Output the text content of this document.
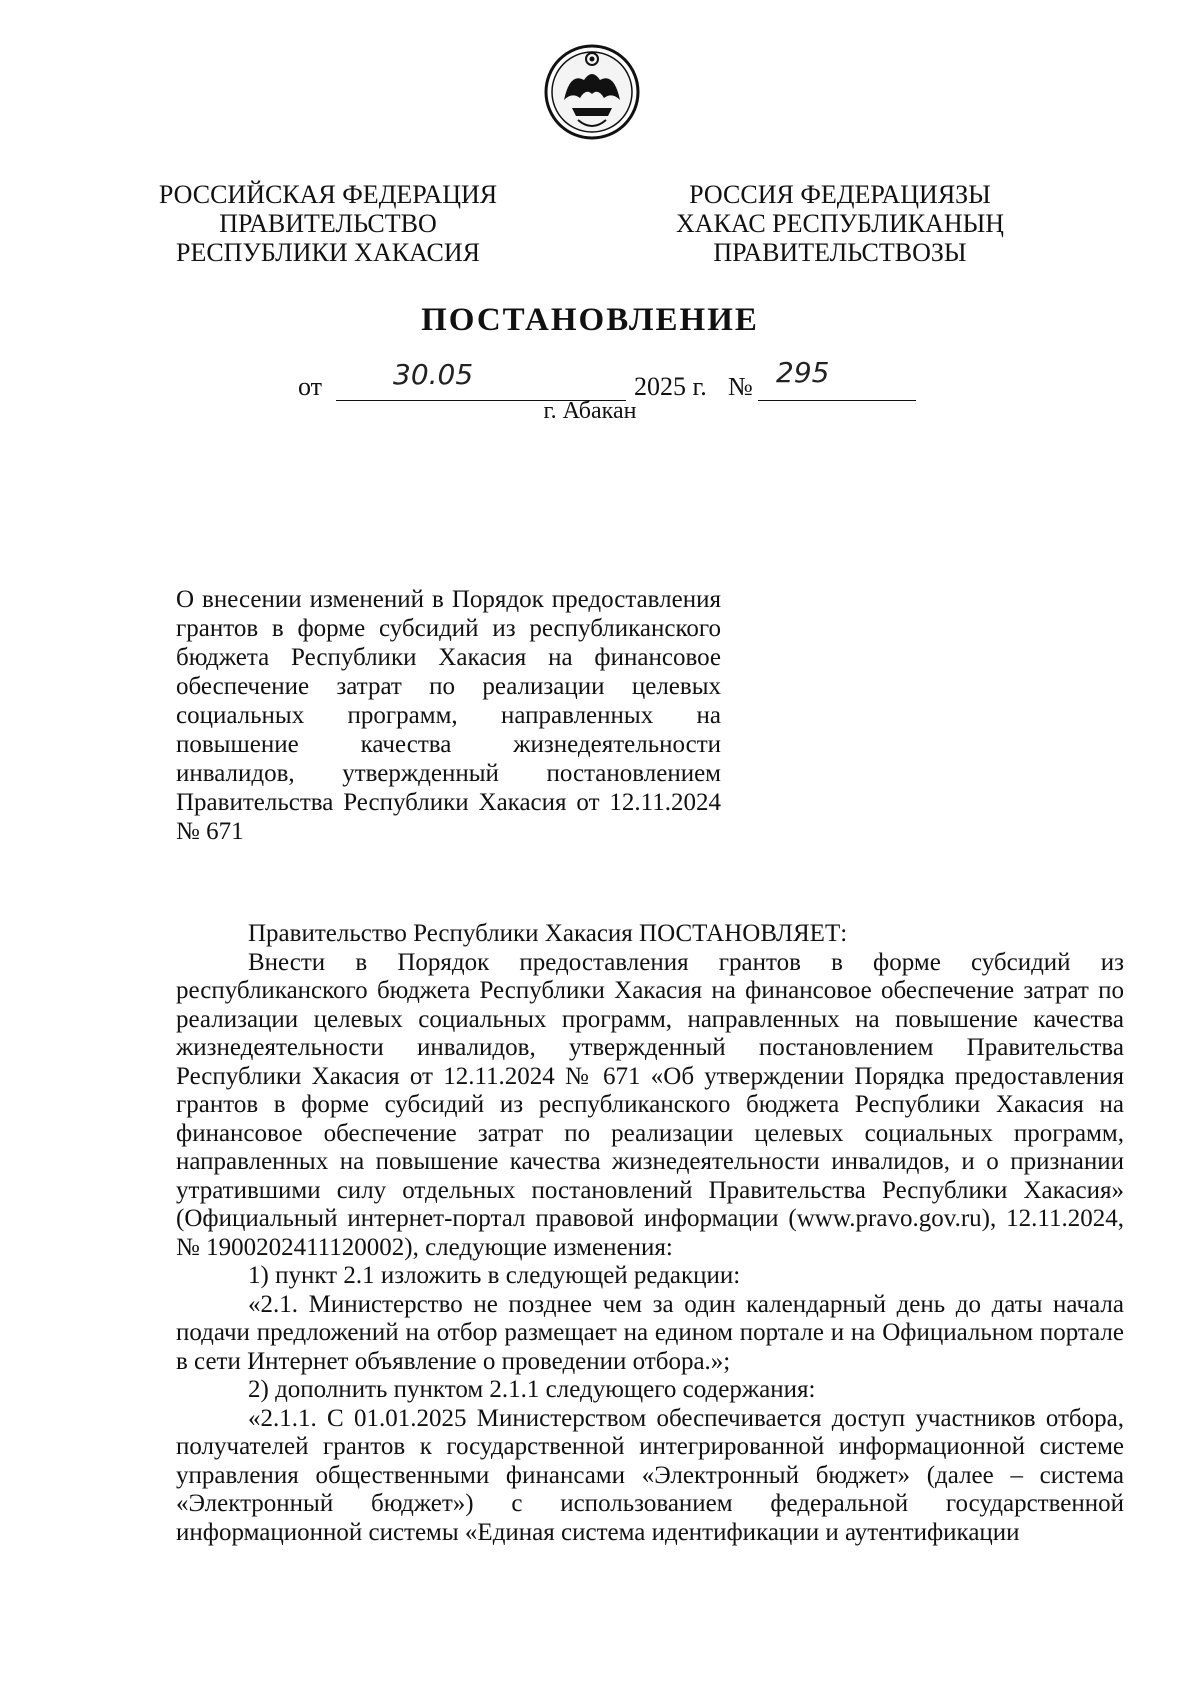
РОССИЙСКАЯ ФЕДЕРАЦИЯ
ПРАВИТЕЛЬСТВО
РЕСПУБЛИКИ ХАКАСИЯ
РОССИЯ ФЕДЕРАЦИЯЗЫ
ХАКАС РЕСПУБЛИКАНЫҢ
ПРАВИТЕЛЬСТВОЗЫ
ПОСТАНОВЛЕНИЕ
от	30.05	2025 г. № 295
г. Абакан
О внесении изменений в Порядок предоставления грантов в форме субсидий из республиканского бюджета Республики Хакасия на финансовое обеспечение затрат по реализации целевых социальных программ, направленных на повышение качества жизнедеятельности инвалидов, утвержденный постановлением Правительства Республики Хакасия от 12.11.2024 № 671

Правительство Республики Хакасия ПОСТАНОВЛЯЕТ:

Внести в Порядок предоставления грантов в форме субсидий из республиканского бюджета Республики Хакасия на финансовое обеспечение затрат по реализации целевых социальных программ, направленных на повышение качества жизнедеятельности инвалидов, утвержденный постановлением Правительства Республики Хакасия от 12.11.2024 № 671 «Об утверждении Порядка предоставления грантов в форме субсидий из республиканского бюджета Республики Хакасия на финансовое обеспечение затрат по реализации целевых социальных программ, направленных на повышение качества жизнедеятельности инвалидов, и о признании утратившими силу отдельных постановлений Правительства Республики Хакасия» (Официальный интернет-портал правовой информации (www.pravo.gov.ru), 12.11.2024, № 1900202411120002), следующие изменения:

1) пункт 2.1 изложить в следующей редакции:

«2.1. Министерство не позднее чем за один календарный день до даты начала подачи предложений на отбор размещает на едином портале и на Официальном портале в сети Интернет объявление о проведении отбора.»;

2) дополнить пунктом 2.1.1 следующего содержания:

«2.1.1. С 01.01.2025 Министерством обеспечивается доступ участников отбора, получателей грантов к государственной интегрированной информационной системе управления общественными финансами «Электронный бюджет» (далее – система «Электронный бюджет») с использованием федеральной государственной информационной системы «Единая система идентификации и аутентификации
